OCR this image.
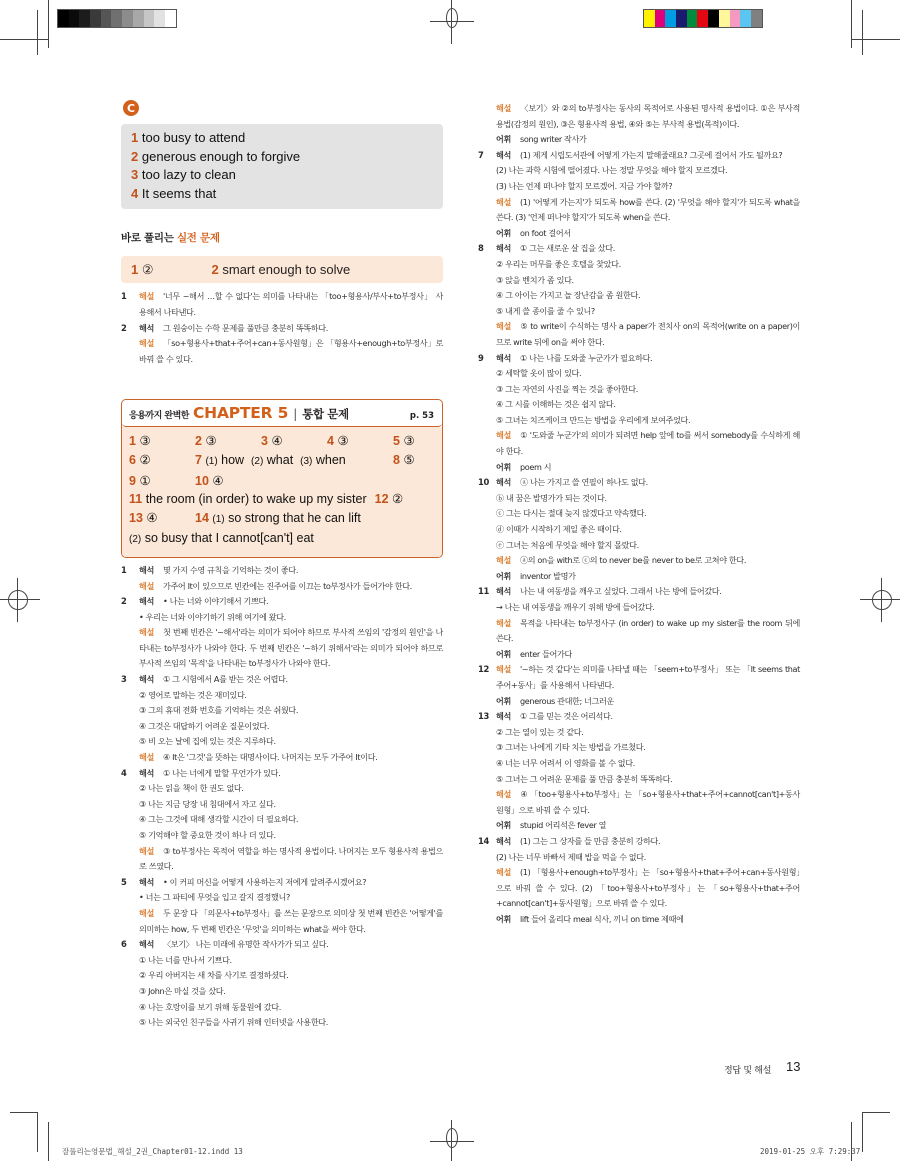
C
1 too busy to attend
2 generous enough to forgive
3 too lazy to clean
4 It seems that
바로 풀리는 실전 문제
1 ②	2 smart enough to solve
1	해설 '너무 ~해서 …할 수 없다'는 의미를 나타내는 「too+형용사/부사+to부정사」 사용해서 나타낸다.
2	해석 그 원숭이는 수학 문제를 풀만큼 충분히 똑똑하다.
해설 「so+형용사+that+주어+can+동사원형」은 「형용사+enough+to부정사」로 바꿔 쓸 수 있다.
응용까지 완벽한 CHAPTER 5 | 통합 문제	p. 53
1 ③	2 ③	3 ④	4 ③	5 ③
6 ②	7 (1) how (2) what (3) when	8 ⑤
9 ①	10 ④
11 the room (in order) to wake up my sister 12 ②
13 ④	14 (1) so strong that he can lift
(2) so busy that I cannot[can't] eat
1	해석 몇 가지 수영 규칙을 기억하는 것이 좋다.
해설 가주어 It이 있으므로 빈칸에는 진주어를 이끄는 to부정사가 들어가야 한다.
2	해석 • 나는 너와 이야기해서 기쁘다.
• 우리는 너와 이야기하기 위해 여기에 왔다.
해설 첫 번째 빈칸은 '~해서'라는 의미가 되어야 하므로 부사적 쓰임의 '감정의 원인'을 나타내는 to부정사가 나와야 한다. 두 번째 빈칸은 '~하기 위해서'라는 의미가 되어야 하므로 부사적 쓰임의 '목적'을 나타내는 to부정사가 나와야 한다.
3	해석 ① 그 시험에서 A를 받는 것은 어렵다.
② 영어로 말하는 것은 재미있다.
③ 그의 휴대 전화 번호를 기억하는 것은 쉬웠다.
④ 그것은 대답하기 어려운 질문이었다.
⑤ 비 오는 날에 집에 있는 것은 지루하다.
해설 ④ It은 '그것'을 뜻하는 대명사이다. 나머지는 모두 가주어 It이다.
4	해석 ① 나는 너에게 말할 무언가가 있다.
② 나는 읽을 책이 한 권도 없다.
③ 나는 지금 당장 내 침대에서 자고 싶다.
④ 그는 그것에 대해 생각할 시간이 더 필요하다.
⑤ 기억해야 할 중요한 것이 하나 더 있다.
해설 ③ to부정사는 목적어 역할을 하는 명사적 용법이다. 나머지는 모두 형용사적 용법으로 쓰였다.
5	해석 • 이 커피 머신을 어떻게 사용하는지 저에게 알려주시겠어요?
• 너는 그 파티에 무엇을 입고 갈지 결정했니?
해설 두 문장 다 「의문사+to부정사」를 쓰는 문장으로 의미상 첫 번째 빈칸은 '어떻게'를 의미하는 how, 두 번째 빈칸은 '무엇'을 의미하는 what을 써야 한다.
6	해석 〈보기〉 나는 미래에 유명한 작사가가 되고 싶다.
① 나는 너를 만나서 기쁘다.
② 우리 아버지는 새 차를 사기로 결정하셨다.
③ John은 마실 것을 샀다.
④ 나는 호랑이를 보기 위해 동물원에 갔다.
⑤ 나는 외국인 친구들을 사귀기 위해 인터넷을 사용한다.
해설 〈보기〉와 ②의 to부정사는 동사의 목적어로 사용된 명사적 용법이다. ①은 부사적 용법(감정의 원인), ③은 형용사적 용법, ④와 ⑤는 부사적 용법(목적)이다.
어휘 song writer 작사가
7	해석 (1) 제게 시립도서관에 어떻게 가는지 말해줄래요? 그곳에 걸어서 가도 될까요?
(2) 나는 과학 시험에 떨어졌다. 나는 정말 무엇을 해야 할지 모르겠다.
(3) 나는 언제 떠나야 할지 모르겠어. 지금 가야 할까?
해설 (1) '어떻게 가는지'가 되도록 how를 쓴다. (2) '무엇을 해야 할지'가 되도록 what을 쓴다. (3) '언제 떠나야 할지'가 되도록 when을 쓴다.
어휘 on foot 걸어서
8	해석 ① 그는 새로운 살 집을 샀다.
② 우리는 머무를 좋은 호텔을 찾았다.
③ 앉을 벤치가 좀 있다.
④ 그 아이는 가지고 놀 장난감을 좀 원한다.
⑤ 내게 쓸 종이를 줄 수 있니?
해설 ⑤ to write이 수식하는 명사 a paper가 전치사 on의 목적어(write on a paper)이므로 write 뒤에 on을 써야 한다.
9	해석 ① 나는 나를 도와줄 누군가가 필요하다.
② 세탁할 옷이 많이 있다.
③ 그는 자연의 사진을 찍는 것을 좋아한다.
④ 그 시를 이해하는 것은 쉽지 않다.
⑤ 그녀는 치즈케이크 만드는 방법을 우리에게 보여주었다.
해설 ① '도와줄 누군가'의 의미가 되려면 help 앞에 to를 써서 somebody를 수식하게 해야 한다.
어휘 poem 시
10 해석 ⓐ 나는 가지고 쓸 연필이 하나도 없다.
ⓑ 내 꿈은 발명가가 되는 것이다.
ⓒ 그는 다시는 절대 늦지 않겠다고 약속했다.
ⓓ 이때가 시작하기 제일 좋은 때이다.
ⓔ 그녀는 처음에 무엇을 해야 할지 몰랐다.
해설 ⓐ의 on을 with로 ⓒ의 to never be를 never to be로 고쳐야 한다.
어휘 inventor 발명가
11 해석 나는 내 여동생을 깨우고 싶었다. 그래서 나는 방에 들어갔다.
→ 나는 내 여동생을 깨우기 위해 방에 들어갔다.
해설 목적을 나타내는 to부정사구 (in order) to wake up my sister를 the room 뒤에 쓴다.
어휘 enter 들어가다
12 해설 '~하는 것 같다'는 의미를 나타낼 때는 「seem+to부정사」 또는 「It seems that 주어+동사」를 사용해서 나타낸다.
어휘 generous 관대한; 너그러운
13 해석 ① 그를 믿는 것은 어리석다.
② 그는 열이 있는 것 같다.
③ 그녀는 나에게 기타 치는 방법을 가르쳤다.
④ 너는 너무 어려서 이 영화를 볼 수 없다.
⑤ 그녀는 그 어려운 문제를 풀 만큼 충분히 똑똑하다.
해설 ④ 「too+형용사+to부정사」는 「so+형용사+that+주어+cannot[can't]+동사원형」으로 바꿔 쓸 수 있다.
어휘 stupid 어리석은 fever 열
14 해석 (1) 그는 그 상자를 들 만큼 충분히 강하다.
(2) 나는 너무 바빠서 제때 밥을 먹을 수 없다.
해설 (1) 「형용사+enough+to부정사」는 「so+형용사+that+주어+can+동사원형」으로 바꿔 쓸 수 있다. (2) 「too+형용사+to부정사」는 「so+형용사+that+주어+cannot[can't]+동사원형」으로 바꿔 쓸 수 있다.
어휘 lift 들어 올리다 meal 식사, 끼니 on time 제때에
정답 및 해설 13
잘풀리는영문법_해설_2권_Chapter01-12.indd 13	2019-01-25 오후 7:29:37
